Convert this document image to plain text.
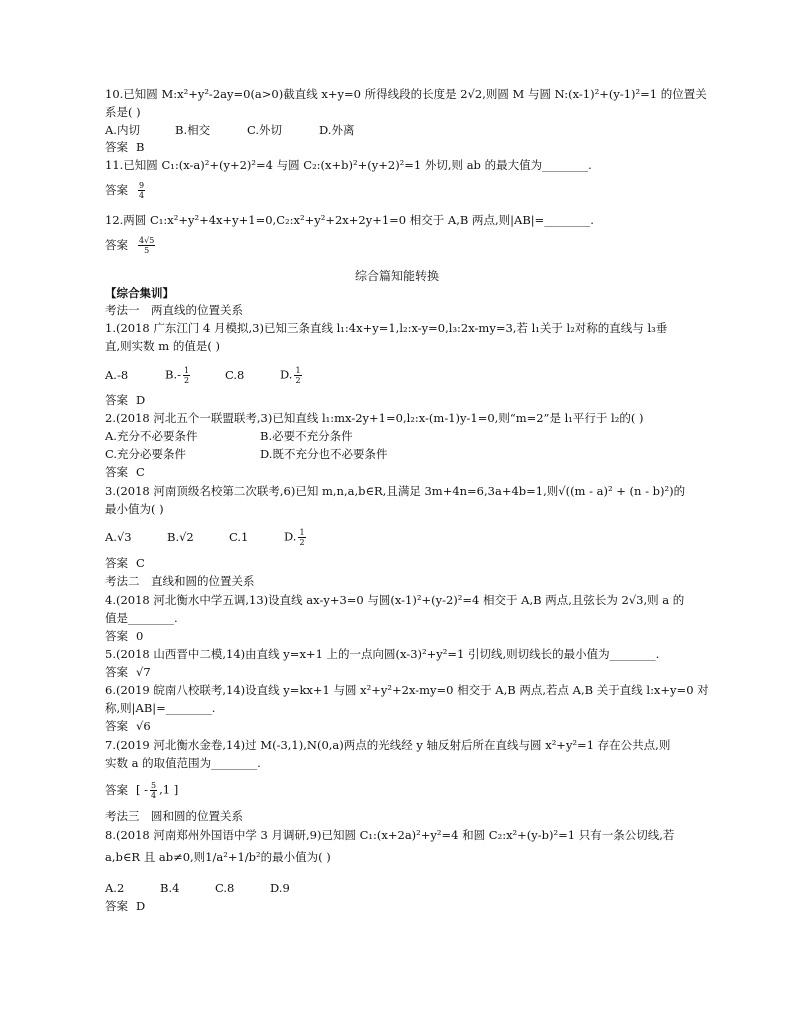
10.已知圆 M:x²+y²-2ay=0(a>0)截直线 x+y=0 所得线段的长度是 2√2,则圆 M 与圆 N:(x-1)²+(y-1)²=1 的位置关
系是( )
A.内切	B.相交	C.外切	D.外离
答案 B
11.已知圆 C₁:(x-a)²+(y+2)²=4 与圆 C₂:(x+b)²+(y+2)²=1 外切,则 ab 的最大值为________.
答案 $\frac{9}{4}$
12.两圆 C₁:x²+y²+4x+y+1=0,C₂:x²+y²+2x+2y+1=0 相交于 A,B 两点,则|AB|=________.
答案 $\frac{4√5}{5}$
综合篇知能转换
【综合集训】
考法一　两直线的位置关系
1.(2018 广东江门 4 月模拟,3)已知三条直线 l₁:4x+y=1,l₂:x-y=0,l₃:2x-my=3,若 l₁关于 l₂对称的直线与 l₃垂
直,则实数 m 的值是( )
A.-8	$B.- \frac{1}{2}$	C.8	D. $\frac{1}{2}$
答案 D
2.(2018 河北五个一联盟联考,3)已知直线 l₁:mx-2y+1=0,l₂:x-(m-1)y-1=0,则“m=2”是 l₁平行于 l₂的( )
A.充分不必要条件	B.必要不充分条件
C.充分必要条件	D.既不充分也不必要条件
答案 C
3.(2018 河南顶级名校第二次联考,6)已知 m,n,a,b∈R,且满足 3m+4n=6,3a+4b=1,则√((m - a)² + (n - b)²)的
最小值为( )
A.√3	B.√2	C.1	D. $\frac{1}{2}$
答案 C
考法二　直线和圆的位置关系
4.(2018 河北衡水中学五调,13)设直线 ax-y+3=0 与圆(x-1)²+(y-2)²=4 相交于 A,B 两点,且弦长为 2√3,则 a 的
值是________.
答案 0
5.(2018 山西晋中二模,14)由直线 y=x+1 上的一点向圆(x-3)²+y²=1 引切线,则切线长的最小值为________.
答案 √7
6.(2019 皖南八校联考,14)设直线 y=kx+1 与圆 x²+y²+2x-my=0 相交于 A,B 两点,若点 A,B 关于直线 l:x+y=0 对
称,则|AB|=________.
答案 √6
7.(2019 河北衡水金卷,14)过 M(-3,1),N(0,a)两点的光线经 y 轴反射后所在直线与圆 x²+y²=1 存在公共点,则
实数 a 的取值范围为________.
答案 [ - $\frac{5}{4} ,1$ ]
考法三　圆和圆的位置关系
8.(2018 河南郑州外国语中学 3 月调研,9)已知圆 C₁:(x+2a)²+y²=4 和圆 C₂:x²+(y-b)²=1 只有一条公切线,若
a,b∈R 且 ab≠0,则1/a²+1/b²的最小值为( )
A.2	B.4	C.8	D.9
答案 D
